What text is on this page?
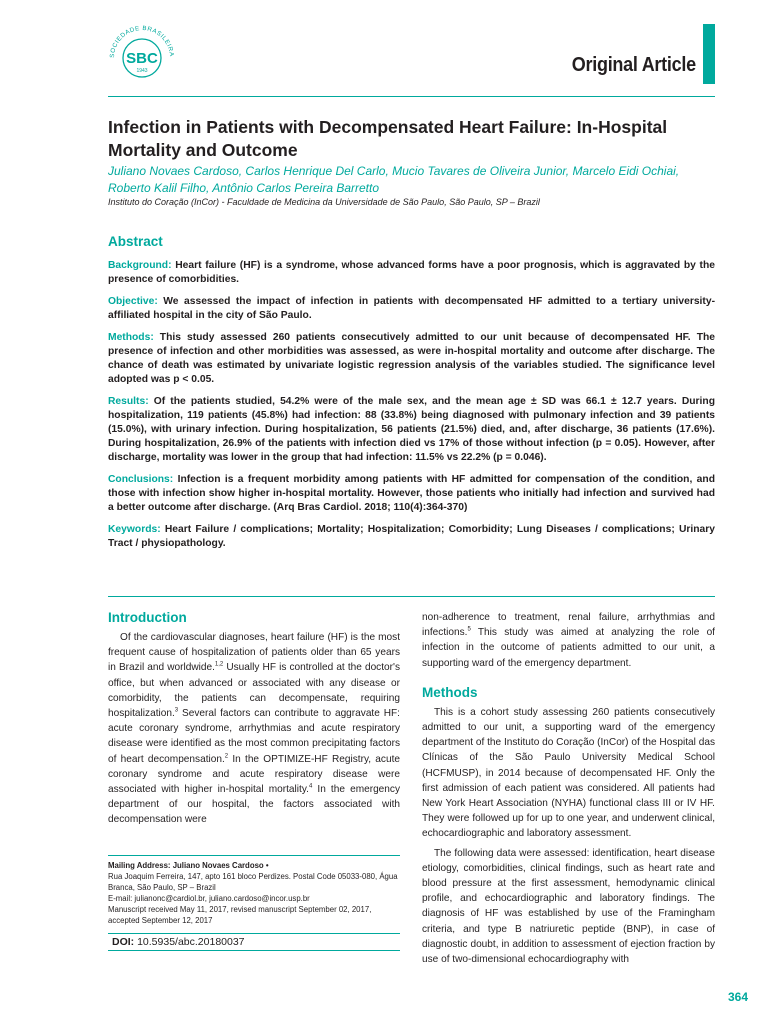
SOCIEDADE BRASILEIRA
SBC
1943	Original Article
Infection in Patients with Decompensated Heart Failure: In-Hospital Mortality and Outcome
Juliano Novaes Cardoso, Carlos Henrique Del Carlo, Mucio Tavares de Oliveira Junior, Marcelo Eidi Ochiai, Roberto Kalil Filho, Antônio Carlos Pereira Barretto
Instituto do Coração (InCor) - Faculdade de Medicina da Universidade de São Paulo, São Paulo, SP – Brazil
Abstract

Background: Heart failure (HF) is a syndrome, whose advanced forms have a poor prognosis, which is aggravated by the presence of comorbidities.

Objective: We assessed the impact of infection in patients with decompensated HF admitted to a tertiary university-affiliated hospital in the city of São Paulo.

Methods: This study assessed 260 patients consecutively admitted to our unit because of decompensated HF. The presence of infection and other morbidities was assessed, as were in-hospital mortality and outcome after discharge. The chance of death was estimated by univariate logistic regression analysis of the variables studied. The significance level adopted was p < 0.05.

Results: Of the patients studied, 54.2% were of the male sex, and the mean age ± SD was 66.1 ± 12.7 years. During hospitalization, 119 patients (45.8%) had infection: 88 (33.8%) being diagnosed with pulmonary infection and 39 patients (15.0%), with urinary infection. During hospitalization, 56 patients (21.5%) died, and, after discharge, 36 patients (17.6%). During hospitalization, 26.9% of the patients with infection died vs 17% of those without infection (p = 0.05). However, after discharge, mortality was lower in the group that had infection: 11.5% vs 22.2% (p = 0.046).

Conclusions: Infection is a frequent morbidity among patients with HF admitted for compensation of the condition, and those with infection show higher in-hospital mortality. However, those patients who initially had infection and survived had a better outcome after discharge. (Arq Bras Cardiol. 2018; 110(4):364-370)

Keywords: Heart Failure / complications; Mortality; Hospitalization; Comorbidity; Lung Diseases / complications; Urinary Tract / physiopathology.

Introduction

Of the cardiovascular diagnoses, heart failure (HF) is the most frequent cause of hospitalization of patients older than 65 years in Brazil and worldwide.$^{1,2}$ Usually HF is controlled at the doctor's office, but when advanced or associated with any disease or comorbidity, the patients can decompensate, requiring hospitalization.$^3$ Several factors can contribute to aggravate HF: acute coronary syndrome, arrhythmias and acute respiratory disease were identified as the most common precipitating factors of heart decompensation.$^2$ In the OPTIMIZE-HF Registry, acute coronary syndrome and acute respiratory disease were associated with higher in-hospital mortality.$^4$ In the emergency department of our hospital, the factors associated with decompensation were

Mailing Address: Juliano Novaes Cardoso •
Rua Joaquim Ferreira, 147, apto 161 bloco Perdizes. Postal Code 05033-080, Água Branca, São Paulo, SP – Brazil
E-mail: julianonc@cardiol.br, juliano.cardoso@incor.usp.br
Manuscript received May 11, 2017, revised manuscript September 02, 2017, accepted September 12, 2017
DOI: 10.5935/abc.20180037

non-adherence to treatment, renal failure, arrhythmias and infections.$^5$ This study was aimed at analyzing the role of infection in the outcome of patients admitted to our unit, a supporting ward of the emergency department.

Methods

This is a cohort study assessing 260 patients consecutively admitted to our unit, a supporting ward of the emergency department of the Instituto do Coração (InCor) of the Hospital das Clínicas of the São Paulo University Medical School (HCFMUSP), in 2014 because of decompensated HF. Only the first admission of each patient was considered. All patients had New York Heart Association (NYHA) functional class III or IV HF. They were followed up for up to one year, and underwent clinical, echocardiographic and laboratory assessment.

The following data were assessed: identification, heart disease etiology, comorbidities, clinical findings, such as heart rate and blood pressure at the first assessment, hemodynamic clinical profile, and echocardiographic and laboratory findings. The diagnosis of HF was established by use of the Framingham criteria, and type B natriuretic peptide (BNP), in case of diagnostic doubt, in addition to assessment of ejection fraction by use of two-dimensional echocardiography with

364
